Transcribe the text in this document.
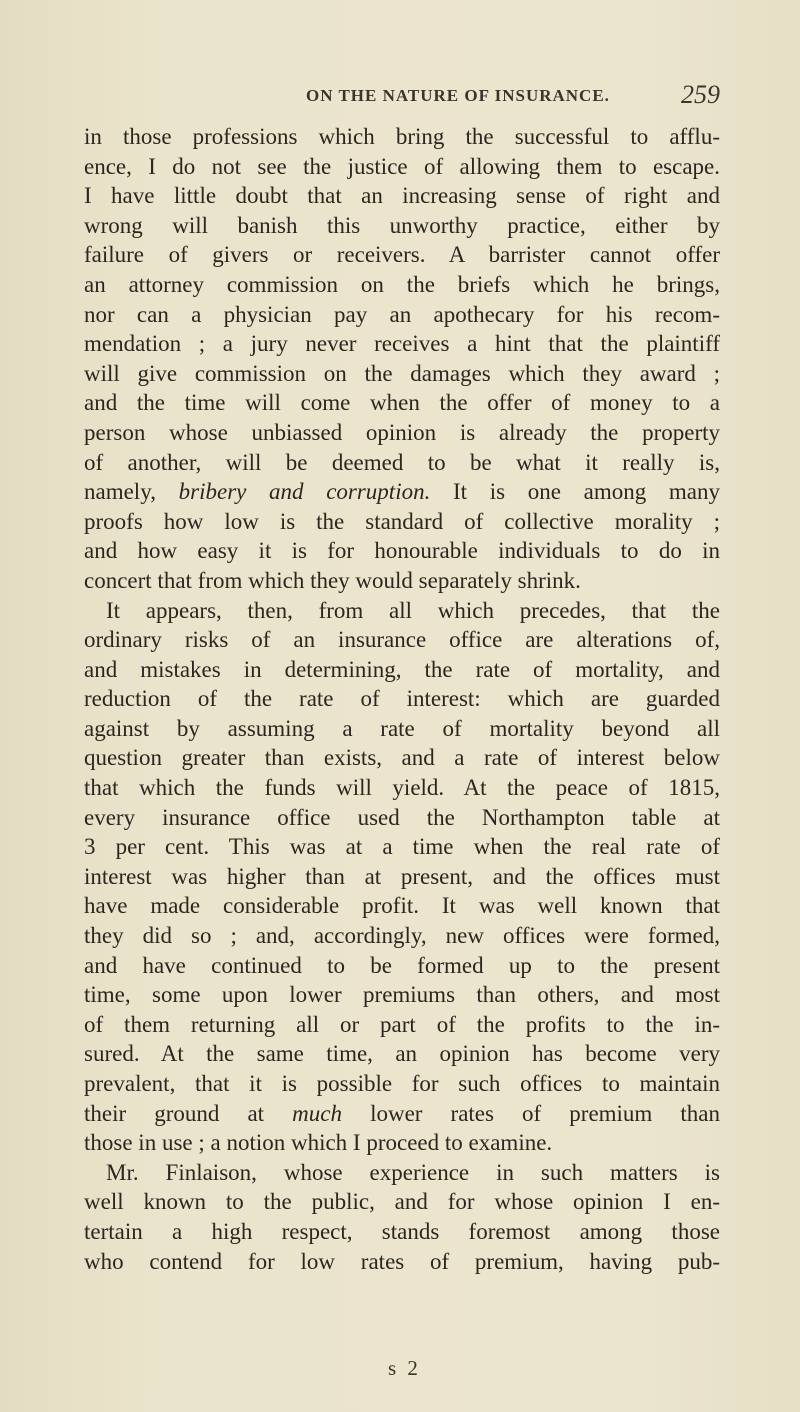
ON THE NATURE OF INSURANCE.	259
in those professions which bring the successful to afflu-
ence, I do not see the justice of allowing them to escape.
I have little doubt that an increasing sense of right and
wrong will banish this unworthy practice, either by
failure of givers or receivers. A barrister cannot offer
an attorney commission on the briefs which he brings,
nor can a physician pay an apothecary for his recom-
mendation ; a jury never receives a hint that the plaintiff
will give commission on the damages which they award ;
and the time will come when the offer of money to a
person whose unbiassed opinion is already the property
of another, will be deemed to be what it really is,
namely, bribery and corruption. It is one among many
proofs how low is the standard of collective morality ;
and how easy it is for honourable individuals to do in
concert that from which they would separately shrink.
It appears, then, from all which precedes, that the
ordinary risks of an insurance office are alterations of,
and mistakes in determining, the rate of mortality, and
reduction of the rate of interest: which are guarded
against by assuming a rate of mortality beyond all
question greater than exists, and a rate of interest below
that which the funds will yield. At the peace of 1815,
every insurance office used the Northampton table at
3 per cent. This was at a time when the real rate of
interest was higher than at present, and the offices must
have made considerable profit. It was well known that
they did so ; and, accordingly, new offices were formed,
and have continued to be formed up to the present
time, some upon lower premiums than others, and most
of them returning all or part of the profits to the in-
sured. At the same time, an opinion has become very
prevalent, that it is possible for such offices to maintain
their ground at much lower rates of premium than
those in use ; a notion which I proceed to examine.
Mr. Finlaison, whose experience in such matters is
well known to the public, and for whose opinion I en-
tertain a high respect, stands foremost among those
who contend for low rates of premium, having pub-
s 2
